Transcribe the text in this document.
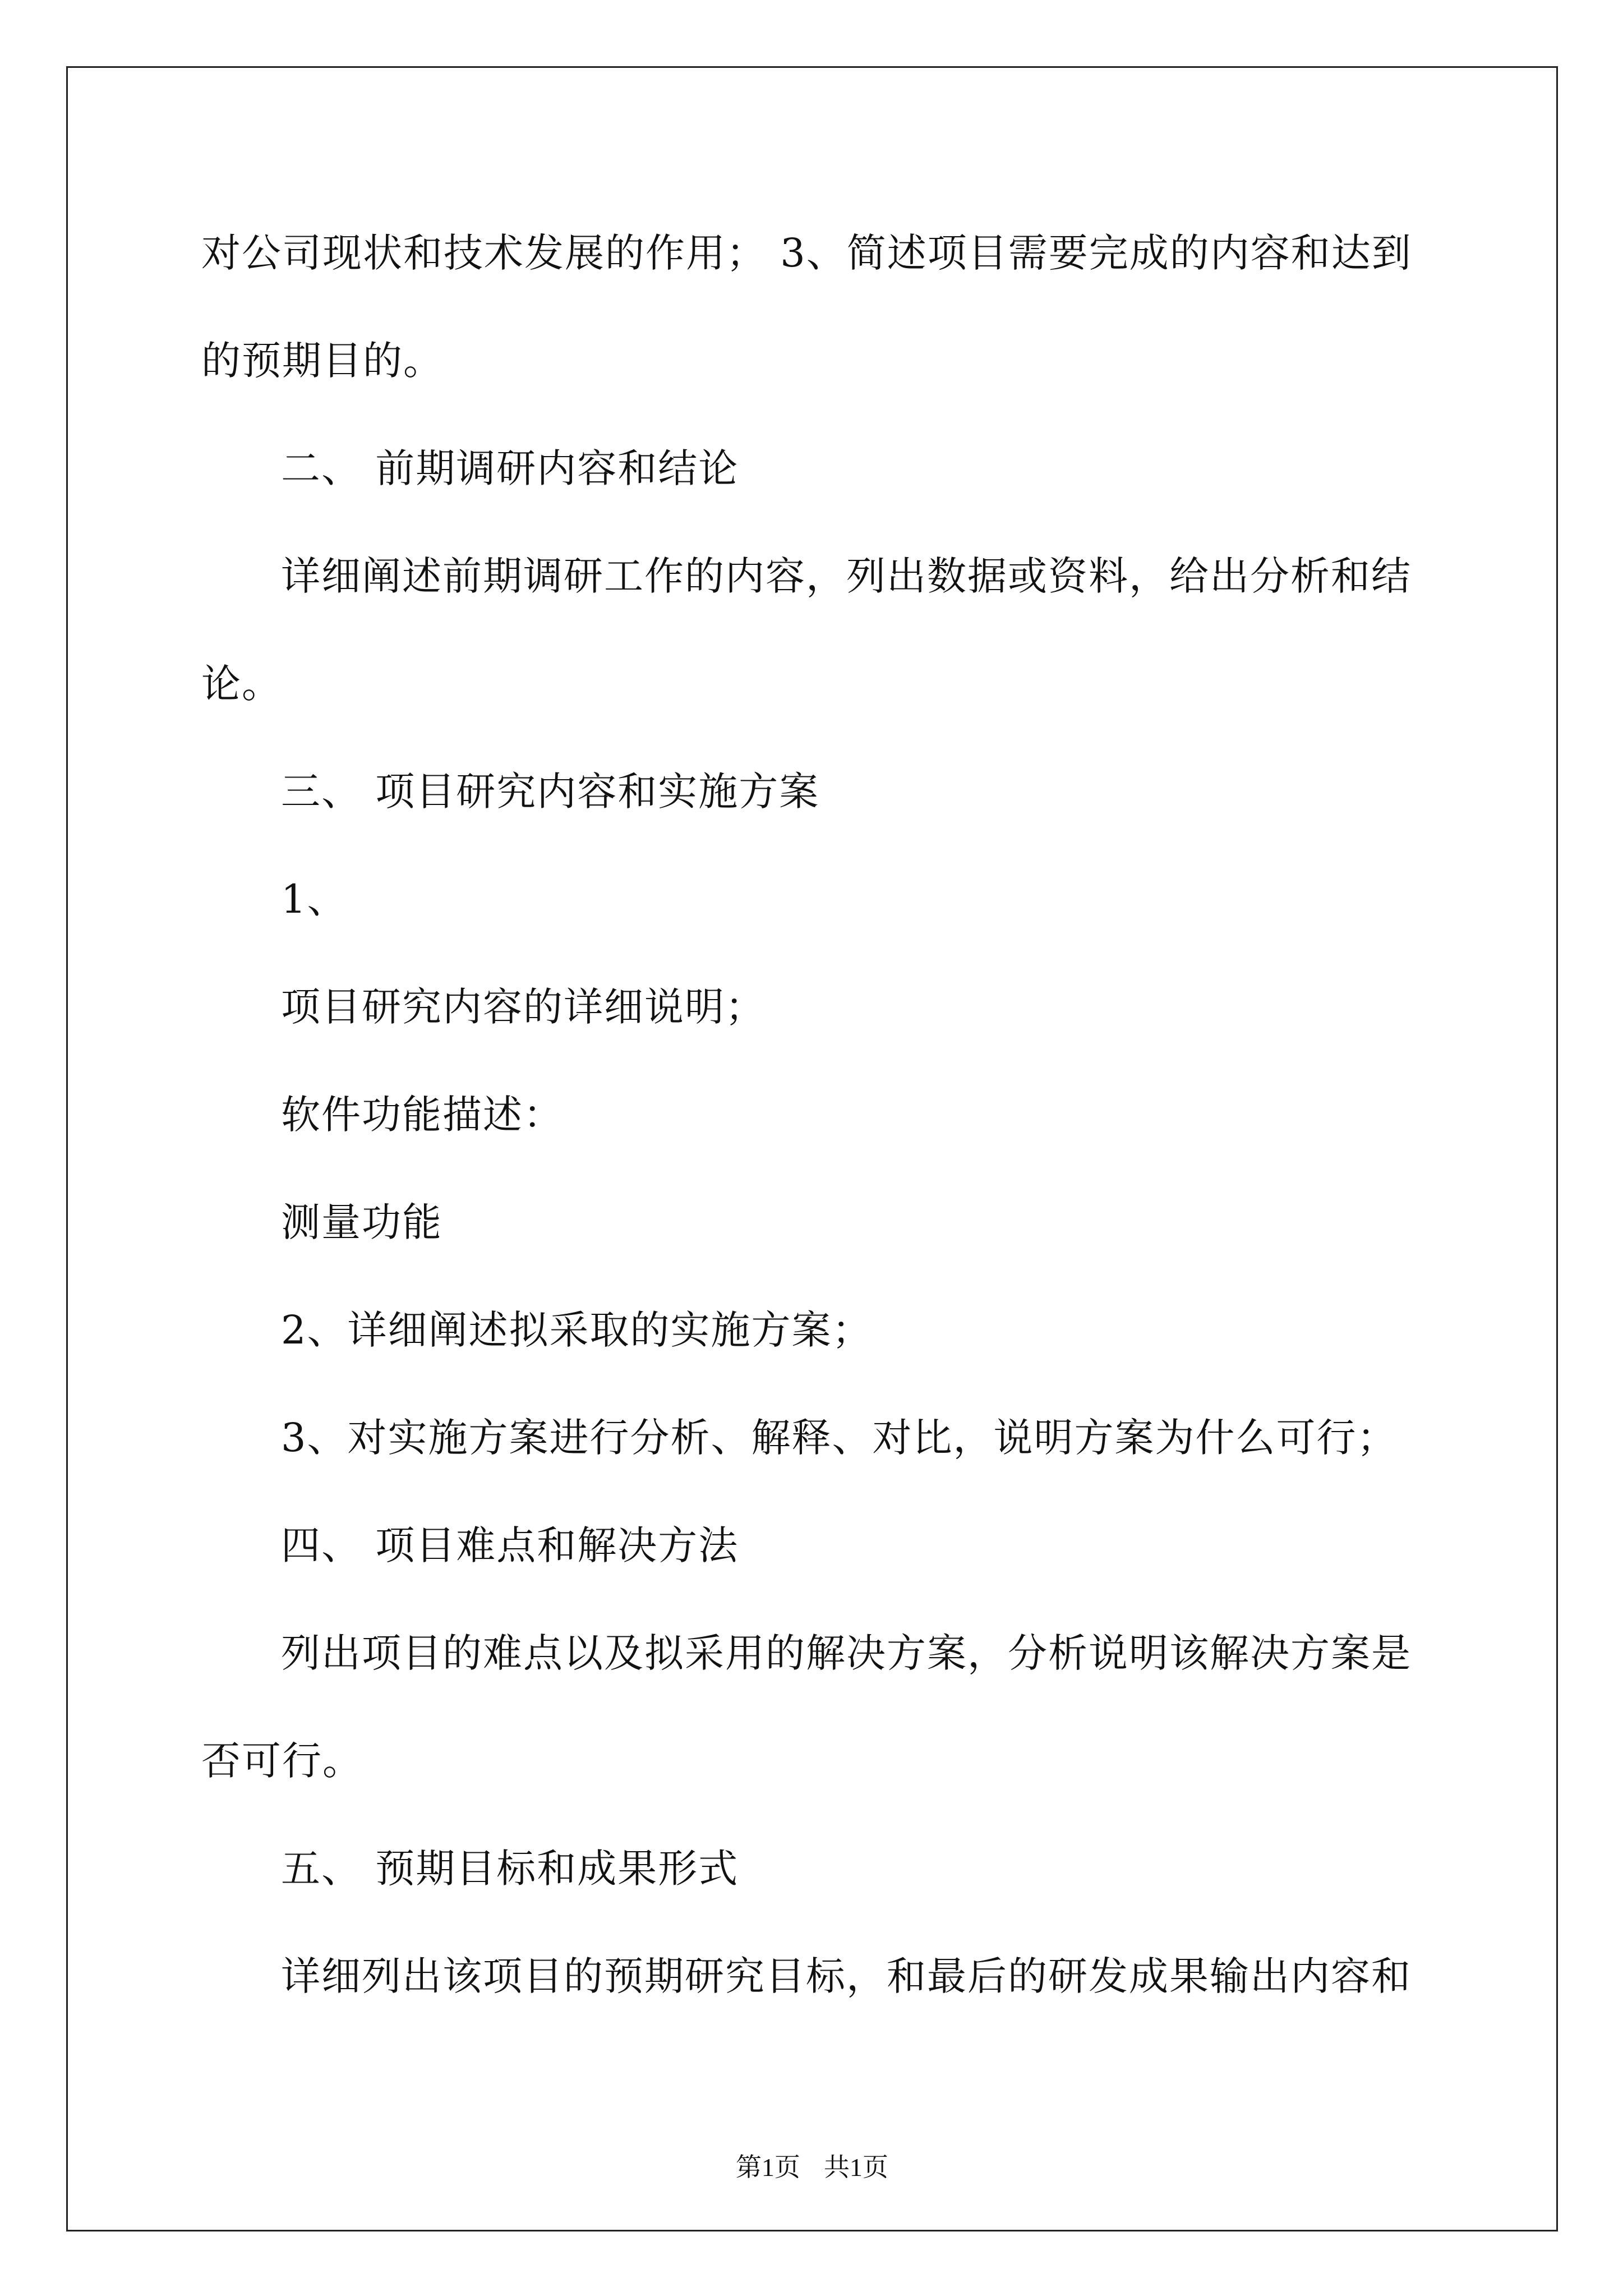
对公司现状和技术发展的作用； 3、简述项目需要完成的内容和达到
的预期目的。
二、 前期调研内容和结论
详细阐述前期调研工作的内容，列出数据或资料，给出分析和结
论。
三、 项目研究内容和实施方案
1、
项目研究内容的详细说明；
软件功能描述：
测量功能
2、详细阐述拟采取的实施方案；
3、对实施方案进行分析、解释、对比，说明方案为什么可行；
四、 项目难点和解决方法
列出项目的难点以及拟采用的解决方案，分析说明该解决方案是
否可行。
五、 预期目标和成果形式
详细列出该项目的预期研究目标，和最后的研发成果输出内容和
第1页 共1页
